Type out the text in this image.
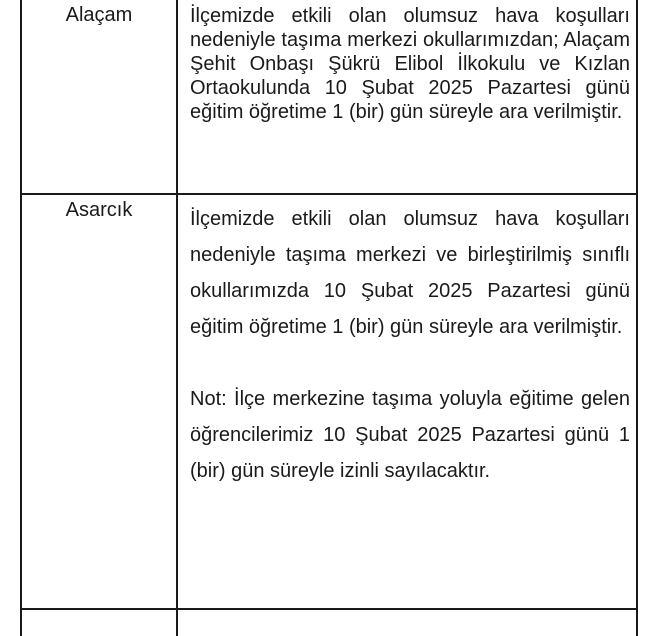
Alaçam	İlçemizde etkili olan olumsuz hava koşulları nedeniyle taşıma merkezi okullarımızdan; Alaçam Şehit Onbaşı Şükrü Elibol İlkokulu ve Kızlan Ortaokulunda 10 Şubat 2025 Pazartesi günü eğitim öğretime 1 (bir) gün süreyle ara verilmiştir.

Asarcık	İlçemizde etkili olan olumsuz hava koşulları nedeniyle taşıma merkezi ve birleştirilmiş sınıflı okullarımızda 10 Şubat 2025 Pazartesi günü eğitim öğretime 1 (bir) gün süreyle ara verilmiştir.

Not: İlçe merkezine taşıma yoluyla eğitime gelen öğrencilerimiz 10 Şubat 2025 Pazartesi günü 1 (bir) gün süreyle izinli sayılacaktır.
